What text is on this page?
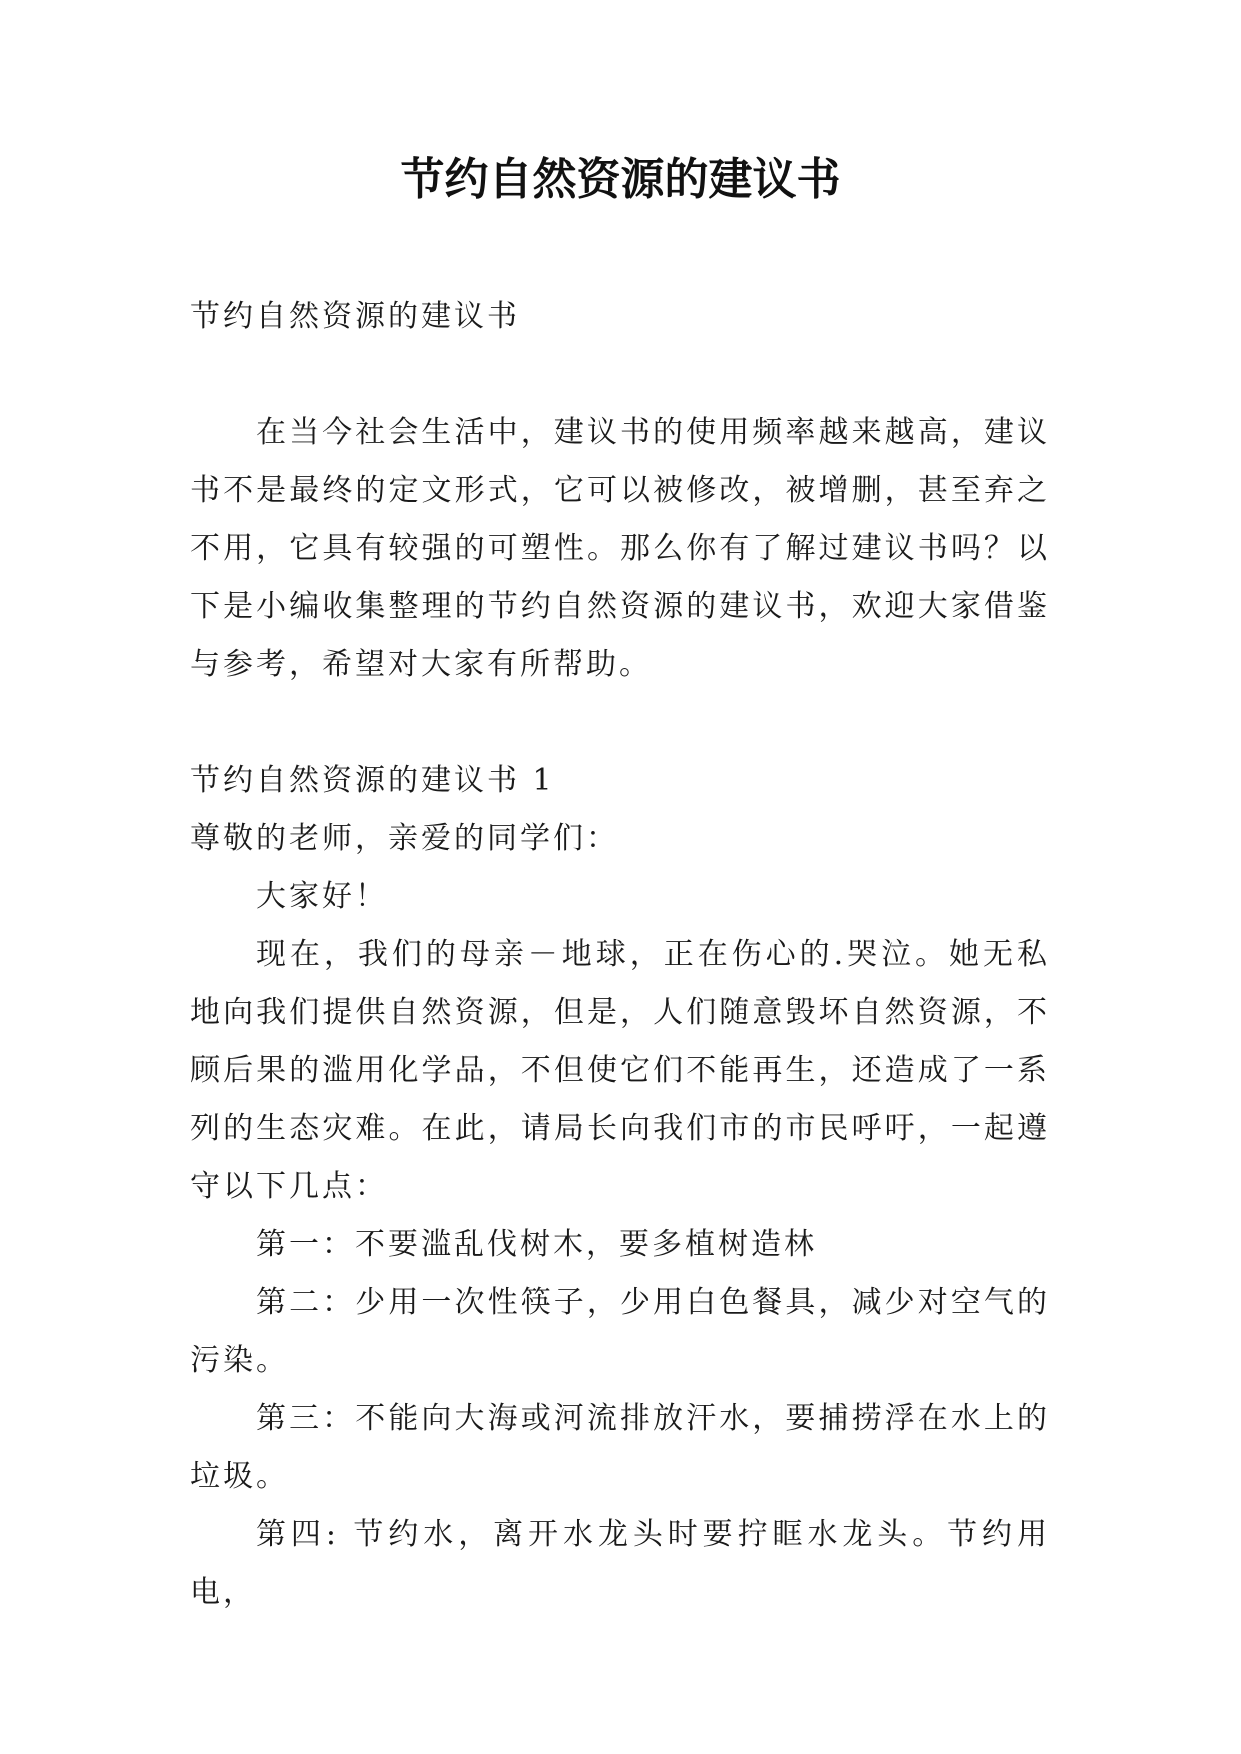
节约自然资源的建议书

节约自然资源的建议书

在当今社会生活中，建议书的使用频率越来越高，建议书不是最终的定文形式，它可以被修改，被增删，甚至弃之不用，它具有较强的可塑性。那么你有了解过建议书吗？以下是小编收集整理的节约自然资源的建议书，欢迎大家借鉴与参考，希望对大家有所帮助。

节约自然资源的建议书 1

尊敬的老师，亲爱的同学们：

大家好！

现在，我们的母亲－地球，正在伤心的.哭泣。她无私地向我们提供自然资源，但是，人们随意毁坏自然资源，不顾后果的滥用化学品，不但使它们不能再生，还造成了一系列的生态灾难。在此，请局长向我们市的市民呼吁，一起遵守以下几点：

第一：不要滥乱伐树木，要多植树造林

第二：少用一次性筷子，少用白色餐具，减少对空气的污染。

第三：不能向大海或河流排放汗水，要捕捞浮在水上的垃圾。

第四: 节约水，离开水龙头时要拧眶水龙头。节约用电，
